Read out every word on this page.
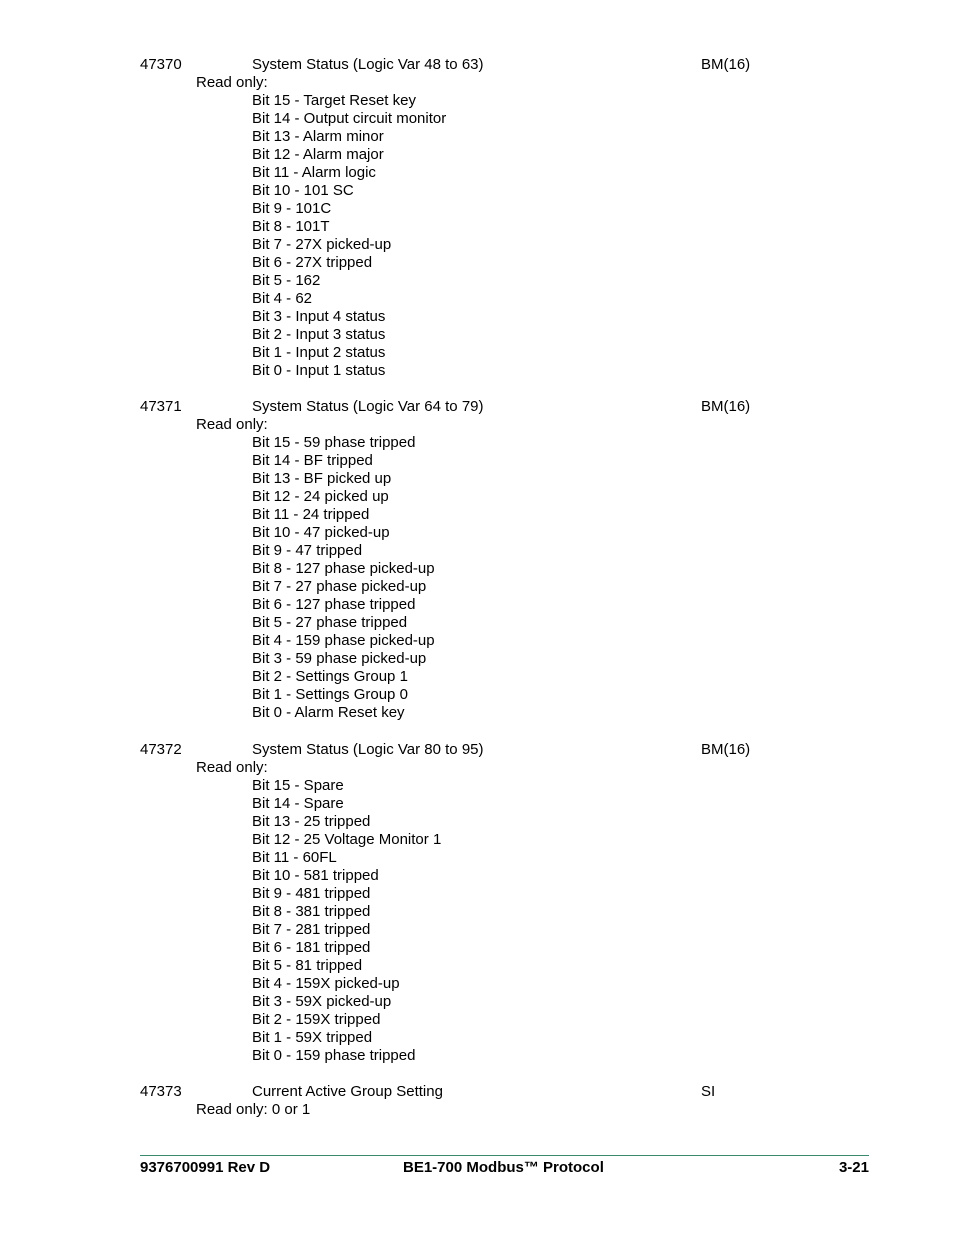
47370	System Status (Logic Var 48 to 63)	BM(16)
Read only:
Bit 15 - Target Reset key
Bit 14 - Output circuit monitor
Bit 13 - Alarm minor
Bit 12 - Alarm major
Bit 11 - Alarm logic
Bit 10 - 101 SC
Bit 9 - 101C
Bit 8 - 101T
Bit 7 - 27X picked-up
Bit 6 - 27X tripped
Bit 5 - 162
Bit 4 - 62
Bit 3 - Input 4 status
Bit 2 - Input 3 status
Bit 1 - Input 2 status
Bit 0 - Input 1 status
47371	System Status (Logic Var 64 to 79)	BM(16)
Read only:
Bit 15 - 59 phase tripped
Bit 14 - BF tripped
Bit 13 - BF picked up
Bit 12 - 24 picked up
Bit 11 - 24 tripped
Bit 10 - 47 picked-up
Bit 9 - 47 tripped
Bit 8 - 127 phase picked-up
Bit 7 - 27 phase picked-up
Bit 6 - 127 phase tripped
Bit 5 - 27 phase tripped
Bit 4 - 159 phase picked-up
Bit 3 - 59 phase picked-up
Bit 2 - Settings Group 1
Bit 1 - Settings Group 0
Bit 0 - Alarm Reset key
47372	System Status (Logic Var 80 to 95)	BM(16)
Read only:
Bit 15 - Spare
Bit 14 - Spare
Bit 13 - 25 tripped
Bit 12 - 25 Voltage Monitor 1
Bit 11 - 60FL
Bit 10 - 581 tripped
Bit 9 - 481 tripped
Bit 8 - 381 tripped
Bit 7 - 281 tripped
Bit 6 - 181 tripped
Bit 5 - 81 tripped
Bit 4 - 159X picked-up
Bit 3 - 59X picked-up
Bit 2 - 159X tripped
Bit 1 - 59X tripped
Bit 0 - 159 phase tripped
47373	Current Active Group Setting	SI
Read only: 0 or 1
9376700991 Rev D	BE1-700 Modbus™ Protocol	3-21
